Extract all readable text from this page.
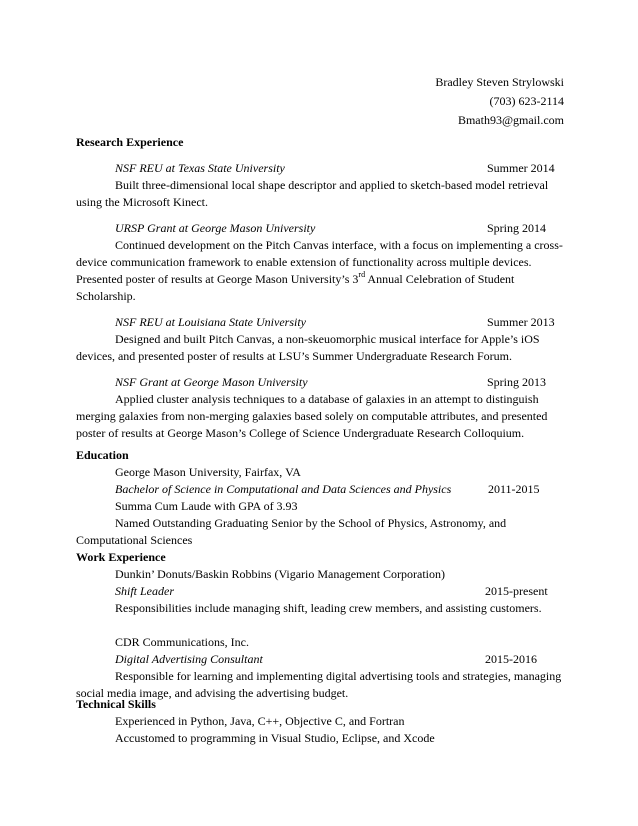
Bradley Steven Strylowski
(703) 623-2114
Bmath93@gmail.com
Research Experience
NSF REU at Texas State University	Summer 2014
Built three-dimensional local shape descriptor and applied to sketch-based model retrieval using the Microsoft Kinect.
URSP Grant at George Mason University	Spring 2014
Continued development on the Pitch Canvas interface, with a focus on implementing a cross-device communication framework to enable extension of functionality across multiple devices. Presented poster of results at George Mason University’s 3rd Annual Celebration of Student Scholarship.
NSF REU at Louisiana State University	Summer 2013
Designed and built Pitch Canvas, a non-skeuomorphic musical interface for Apple’s iOS devices, and presented poster of results at LSU’s Summer Undergraduate Research Forum.
NSF Grant at George Mason University	Spring 2013
Applied cluster analysis techniques to a database of galaxies in an attempt to distinguish merging galaxies from non-merging galaxies based solely on computable attributes, and presented poster of results at George Mason’s College of Science Undergraduate Research Colloquium.
Education
George Mason University, Fairfax, VA
Bachelor of Science in Computational and Data Sciences and Physics	2011-2015
Summa Cum Laude with GPA of 3.93
Named Outstanding Graduating Senior by the School of Physics, Astronomy, and Computational Sciences
Work Experience
Dunkin’ Donuts/Baskin Robbins (Vigario Management Corporation)
Shift Leader	2015-present
Responsibilities include managing shift, leading crew members, and assisting customers.
CDR Communications, Inc.
Digital Advertising Consultant	2015-2016
Responsible for learning and implementing digital advertising tools and strategies, managing social media image, and advising the advertising budget.
Technical Skills
Experienced in Python, Java, C++, Objective C, and Fortran
Accustomed to programming in Visual Studio, Eclipse, and Xcode
